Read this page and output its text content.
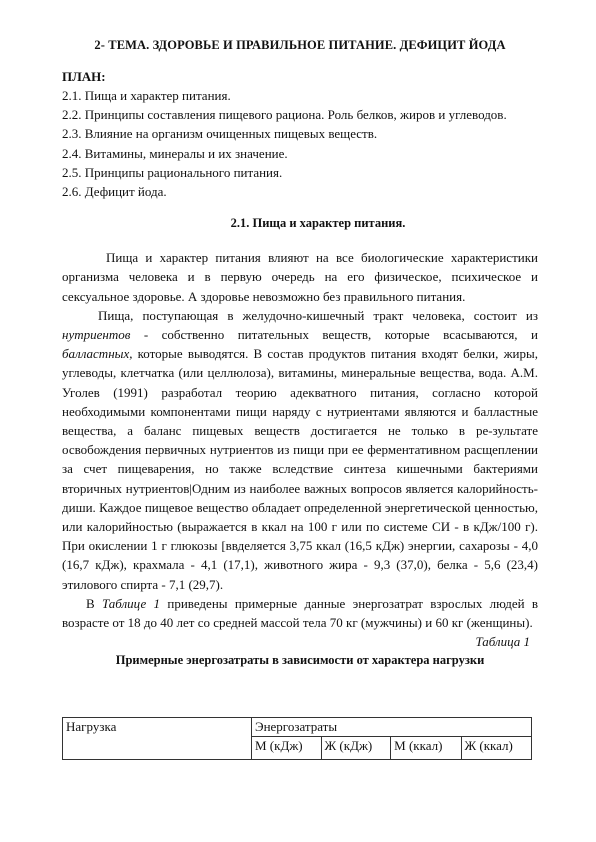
2- ТЕМА. ЗДОРОВЬЕ И ПРАВИЛЬНОЕ ПИТАНИЕ. ДЕФИЦИТ ЙОДА
ПЛАН:
2.1. Пища и характер питания.
2.2. Принципы составления пищевого рациона. Роль белков, жиров и углеводов.
2.3. Влияние на организм очищенных пищевых веществ.
2.4. Витамины, минералы и их значение.
2.5. Принципы рационального питания.
2.6. Дефицит йода.
2.1. Пища и характер питания.

Пища и характер питания влияют на все биологические характеристики организма человека и в первую очередь на его физическое, психическое и сексуальное здоровье. А здоровье невозможно без правильного питания.

Пища, поступающая в желудочно-кишечный тракт человека, состоит из нутриентов - собственно питательных веществ, которые всасываются, и балластных, которые выводятся. В состав продуктов питания входят белки, жиры, углеводы, клетчатка (или целлюлоза), витамины, минеральные вещества, вода. А.М. Уголев (1991) разработал теорию адекватного питания, согласно которой необходимыми компонентами пищи наряду с нутриентами являются и балластные вещества, а баланс пищевых веществ достигается не только в ре-зультате освобождения первичных нутриентов из пищи при ее ферментативном расщеплении за счет пищеварения, но также вследствие синтеза кишечными бактериями вторичных нутриентов|Одним из наиболее важных вопросов является калорийность-диши. Каждое пищевое вещество обладает определенной энергетической ценностью, или калорийностью (выражается в ккал на 100 г или по системе СИ - в кДж/100 г). При окислении 1 г глюкозы [ввделяется 3,75 ккал (16,5 кДж) энергии, сахарозы - 4,0 (16,7 кДж), крахмала - 4,1 (17,1), животного жира - 9,3 (37,0), белка - 5,6 (23,4) этилового спирта - 7,1 (29,7).

В Таблице 1 приведены примерные данные энергозатрат взрослых людей в возрасте от 18 до 40 лет со средней массой тела 70 кг (мужчины) и 60 кг (женщины).

Таблица 1
Примерные энергозатраты в зависимости от характера нагрузки
Нагрузка	Энергозатраты			
	М (кДж)	Ж (кДж)	М (ккал)	Ж (ккал)
